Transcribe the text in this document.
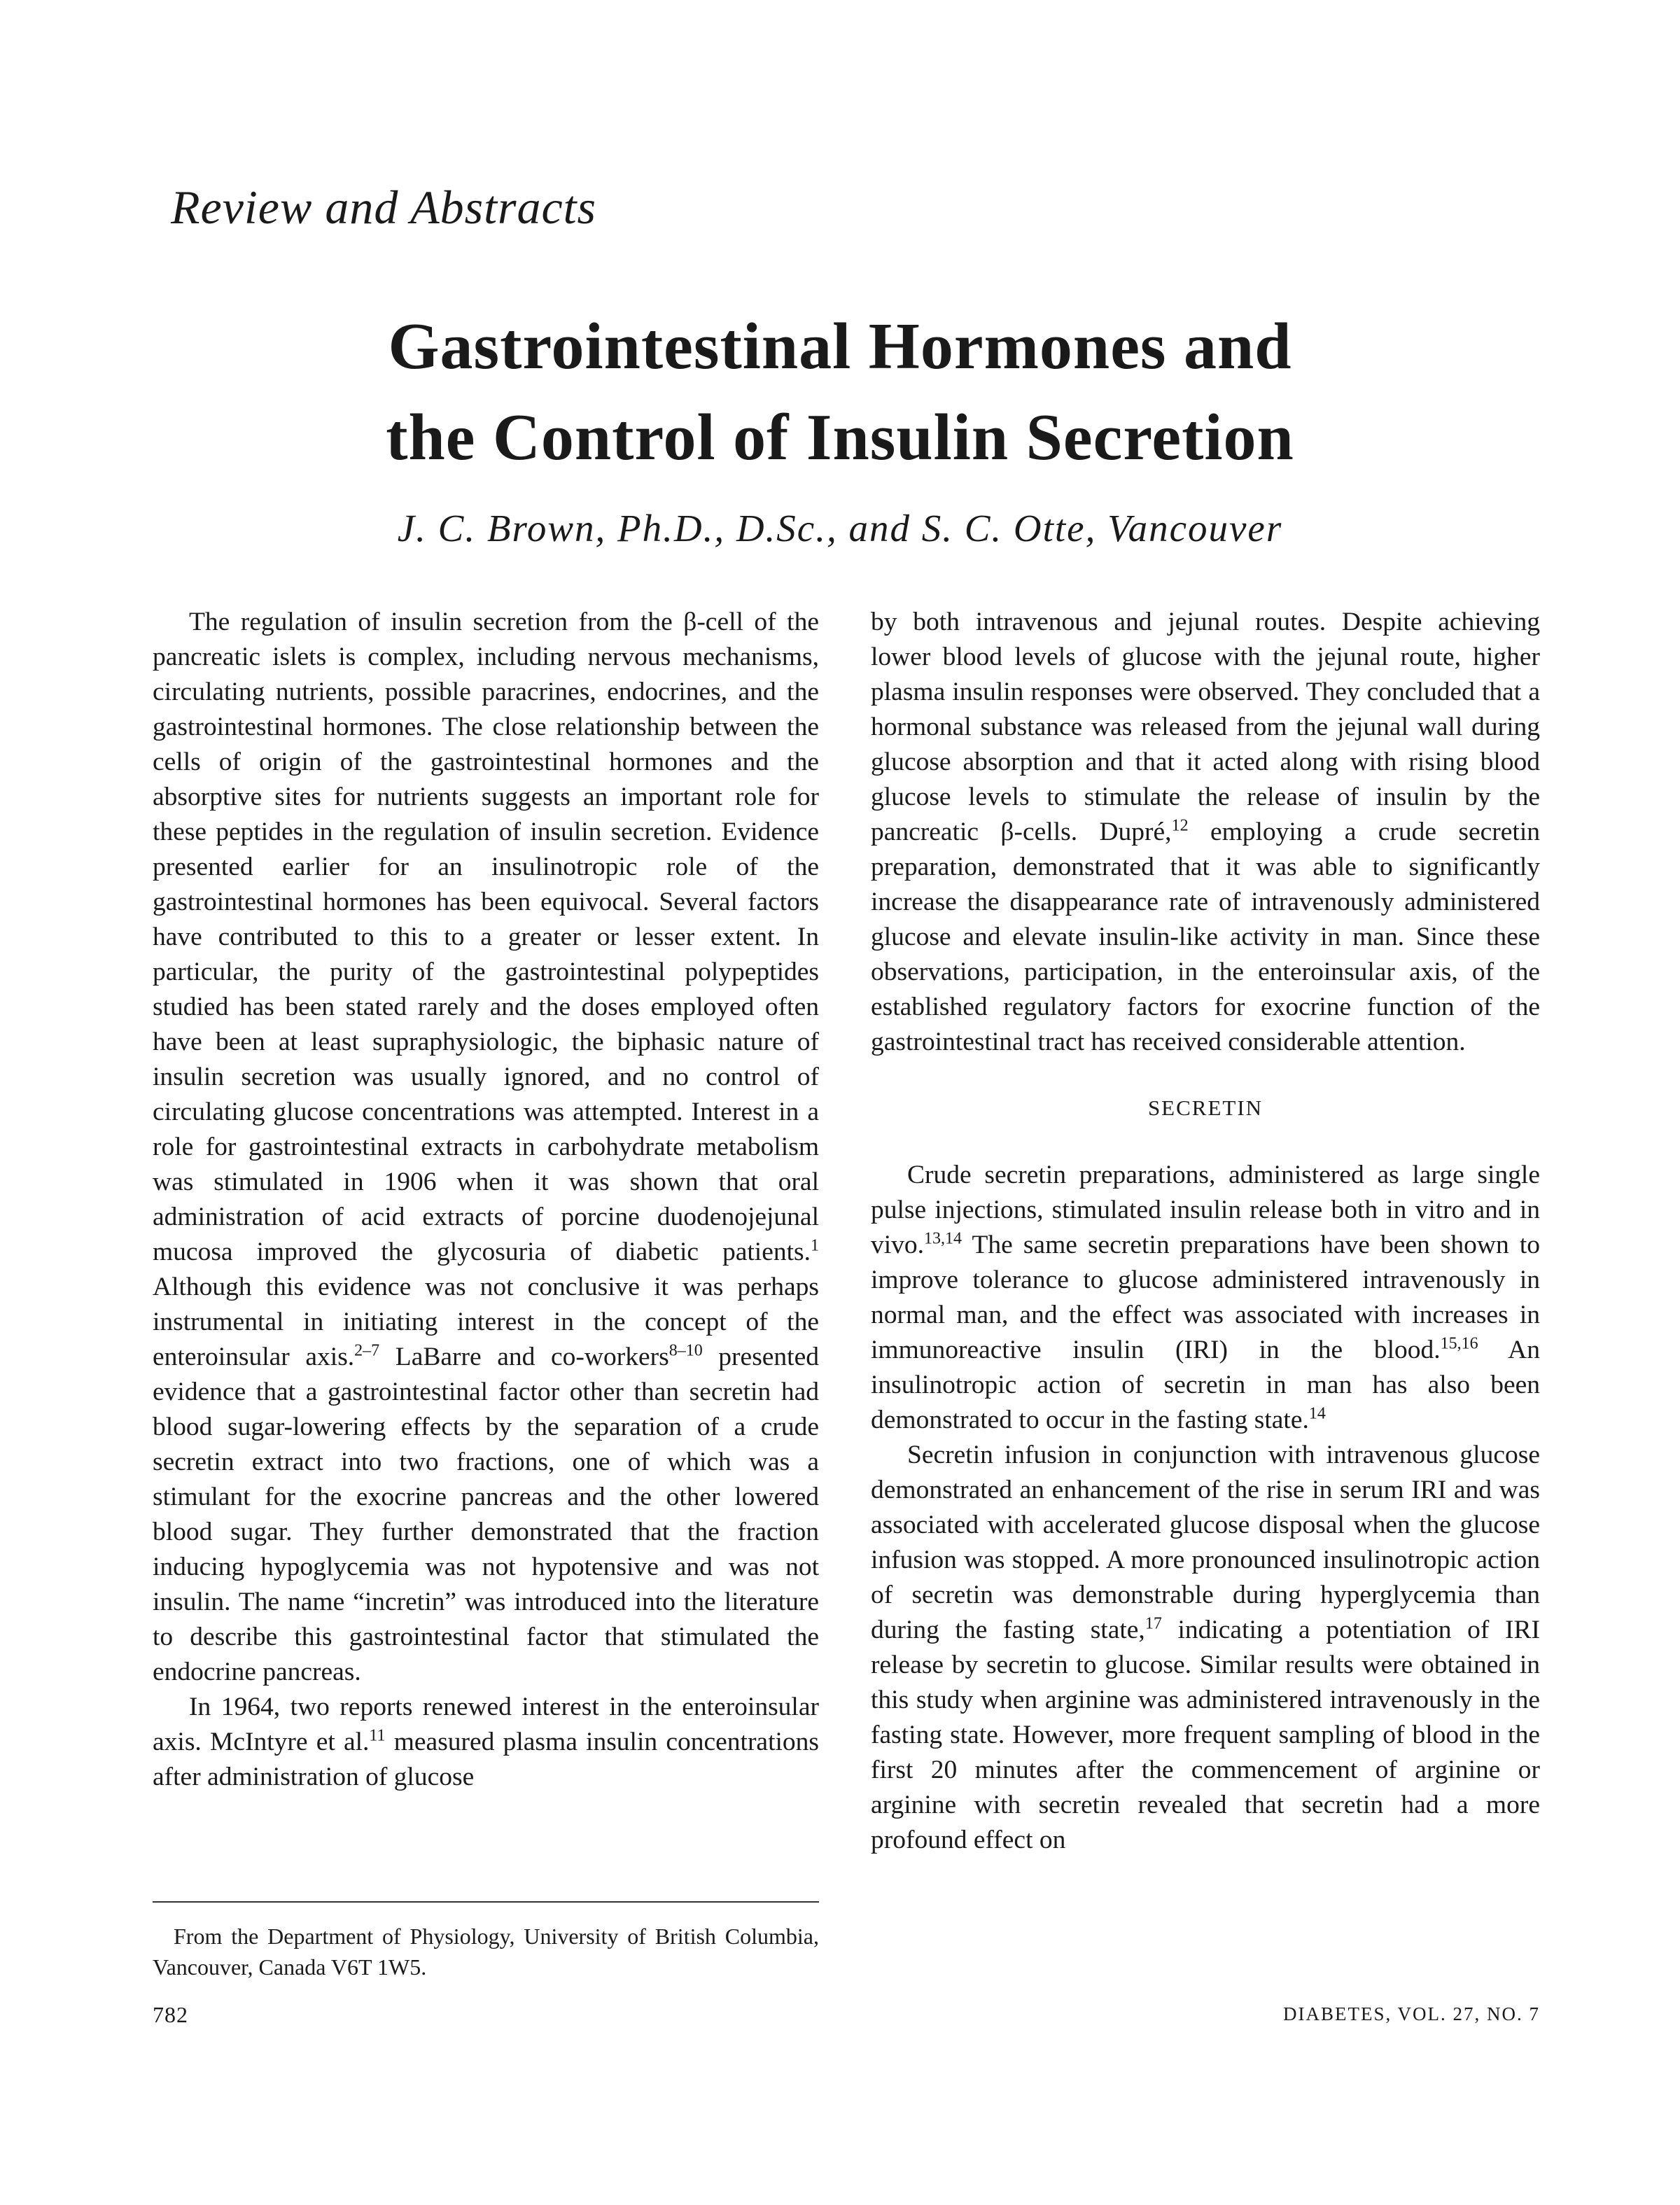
Review and Abstracts
Gastrointestinal Hormones and
the Control of Insulin Secretion

J. C. Brown, Ph.D., D.Sc., and S. C. Otte, Vancouver

The regulation of insulin secretion from the β-cell of the pancreatic islets is complex, including nervous mechanisms, circulating nutrients, possible paracrines, endocrines, and the gastrointestinal hormones. The close relationship between the cells of origin of the gastrointestinal hormones and the absorptive sites for nutrients suggests an important role for these peptides in the regulation of insulin secretion. Evidence presented earlier for an insulinotropic role of the gastrointestinal hormones has been equivocal. Several factors have contributed to this to a greater or lesser extent. In particular, the purity of the gastrointestinal polypeptides studied has been stated rarely and the doses employed often have been at least supraphysiologic, the biphasic nature of insulin secretion was usually ignored, and no control of circulating glucose concentrations was attempted. Interest in a role for gastrointestinal extracts in carbohydrate metabolism was stimulated in 1906 when it was shown that oral administration of acid extracts of porcine duodenojejunal mucosa improved the glycosuria of diabetic patients.$^1$ Although this evidence was not conclusive it was perhaps instrumental in initiating interest in the concept of the enteroinsular axis.$^{2-7}$ LaBarre and co-workers$^{8-10}$ presented evidence that a gastrointestinal factor other than secretin had blood sugar-lowering effects by the separation of a crude secretin extract into two fractions, one of which was a stimulant for the exocrine pancreas and the other lowered blood sugar. They further demonstrated that the fraction inducing hypoglycemia was not hypotensive and was not insulin. The name “incretin” was introduced into the literature to describe this gastrointestinal factor that stimulated the endocrine pancreas.

In 1964, two reports renewed interest in the enteroinsular axis. McIntyre et al.$^{11}$ measured plasma insulin concentrations after administration of glucose

by both intravenous and jejunal routes. Despite achieving lower blood levels of glucose with the jejunal route, higher plasma insulin responses were observed. They concluded that a hormonal substance was released from the jejunal wall during glucose absorption and that it acted along with rising blood glucose levels to stimulate the release of insulin by the pancreatic β-cells. Dupré,$^{12}$ employing a crude secretin preparation, demonstrated that it was able to significantly increase the disappearance rate of intravenously administered glucose and elevate insulin-like activity in man. Since these observations, participation, in the enteroinsular axis, of the established regulatory factors for exocrine function of the gastrointestinal tract has received considerable attention.

SECRETIN

Crude secretin preparations, administered as large single pulse injections, stimulated insulin release both in vitro and in vivo.$^{13,14}$ The same secretin preparations have been shown to improve tolerance to glucose administered intravenously in normal man, and the effect was associated with increases in immunoreactive insulin (IRI) in the blood.$^{15,16}$ An insulinotropic action of secretin in man has also been demonstrated to occur in the fasting state.$^{14}$

Secretin infusion in conjunction with intravenous glucose demonstrated an enhancement of the rise in serum IRI and was associated with accelerated glucose disposal when the glucose infusion was stopped. A more pronounced insulinotropic action of secretin was demonstrable during hyperglycemia than during the fasting state,$^{17}$ indicating a potentiation of IRI release by secretin to glucose. Similar results were obtained in this study when arginine was administered intravenously in the fasting state. However, more frequent sampling of blood in the first 20 minutes after the commencement of arginine or arginine with secretin revealed that secretin had a more profound effect on

From the Department of Physiology, University of British Columbia, Vancouver, Canada V6T 1W5.

782	DIABETES, VOL. 27, NO. 7
